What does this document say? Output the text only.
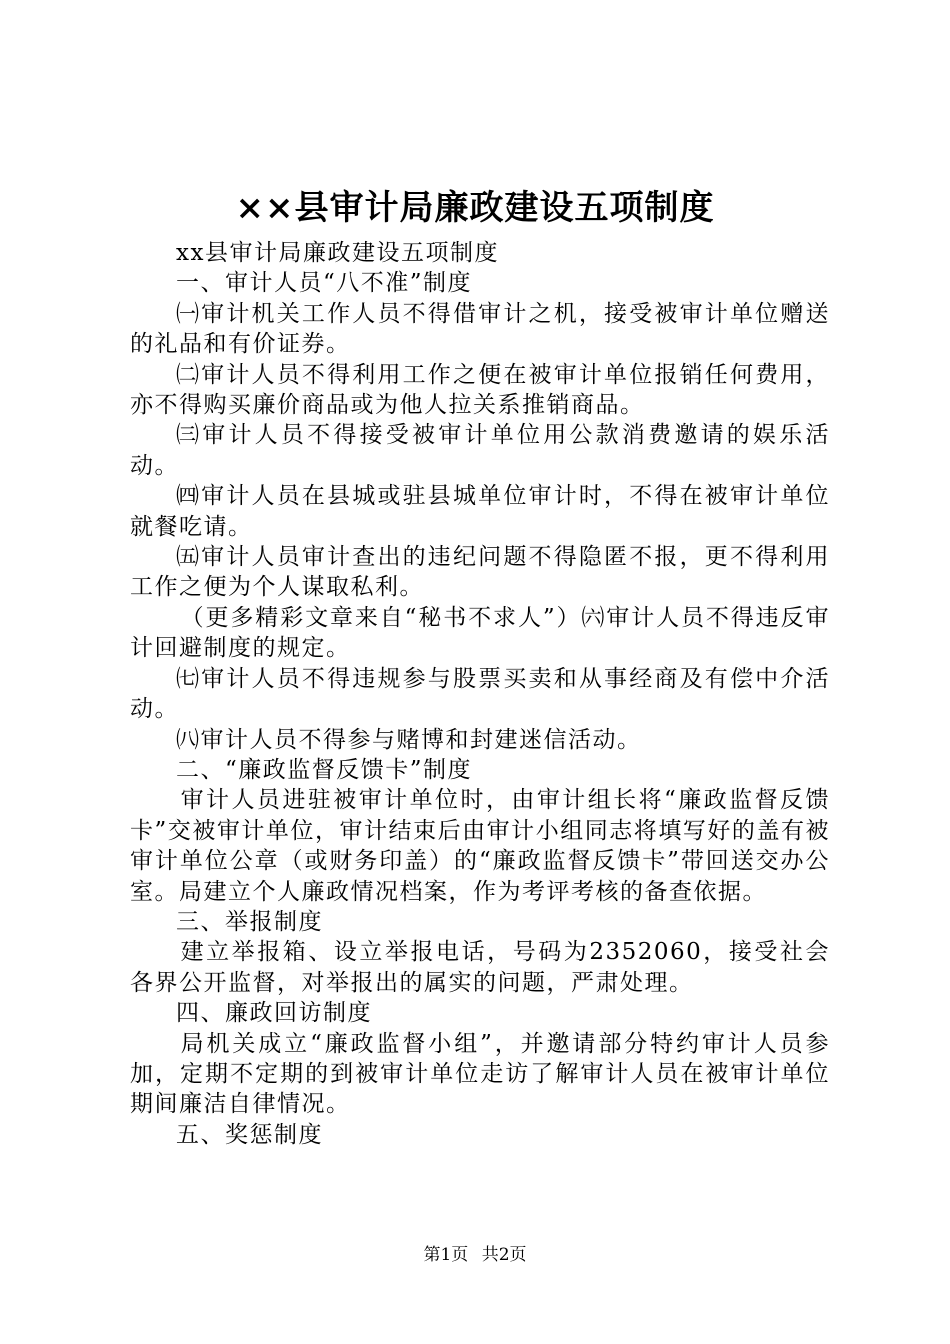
××县审计局廉政建设五项制度

xx县审计局廉政建设五项制度

一、审计人员“八不准”制度

㈠审计机关工作人员不得借审计之机，接受被审计单位赠送的礼品和有价证券。

㈡审计人员不得利用工作之便在被审计单位报销任何费用，亦不得购买廉价商品或为他人拉关系推销商品。

㈢审计人员不得接受被审计单位用公款消费邀请的娱乐活动。

㈣审计人员在县城或驻县城单位审计时，不得在被审计单位就餐吃请。

㈤审计人员审计查出的违纪问题不得隐匿不报，更不得利用工作之便为个人谋取私利。

（更多精彩文章来自“秘书不求人”）㈥审计人员不得违反审计回避制度的规定。

㈦审计人员不得违规参与股票买卖和从事经商及有偿中介活动。

㈧审计人员不得参与赌博和封建迷信活动。

二、“廉政监督反馈卡”制度

审计人员进驻被审计单位时，由审计组长将“廉政监督反馈卡”交被审计单位，审计结束后由审计小组同志将填写好的盖有被审计单位公章（或财务印盖）的“廉政监督反馈卡”带回送交办公室。局建立个人廉政情况档案，作为考评考核的备查依据。

三、举报制度

建立举报箱、设立举报电话，号码为2352060，接受社会各界公开监督，对举报出的属实的问题，严肃处理。

四、廉政回访制度

局机关成立“廉政监督小组”，并邀请部分特约审计人员参加，定期不定期的到被审计单位走访了解审计人员在被审计单位期间廉洁自律情况。

五、奖惩制度

第1页 共2页
